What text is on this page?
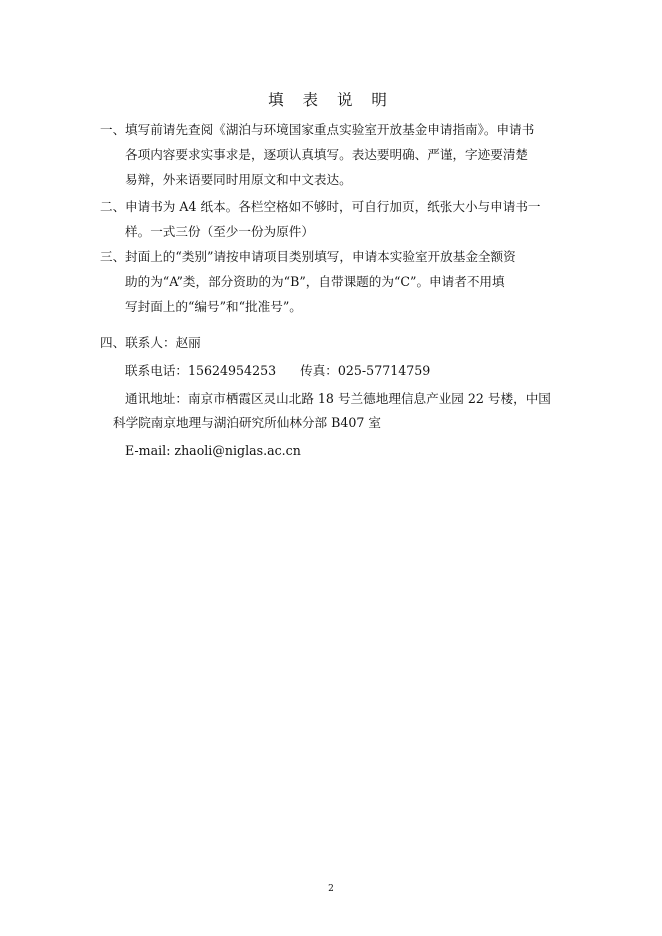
填 表 说 明
一、 填写前请先查阅《湖泊与环境国家重点实验室开放基金申请指南》。申请书
各项内容要求实事求是，逐项认真填写。表达要明确、严谨，字迹要清楚
易辩，外来语要同时用原文和中文表达。
二、 申请书为 A4 纸本。各栏空格如不够时，可自行加页，纸张大小与申请书一
样。一式三份（至少一份为原件）
三、 封面上的“类别”请按申请项目类别填写，申请本实验室开放基金全额资
助的为“A”类，部分资助的为“B”，自带课题的为“C”。申请者不用填
写封面上的“编号”和“批准号”。
四、联系人：赵丽
联系电话：15624954253 传真：025-57714759
通讯地址：南京市栖霞区灵山北路 18 号兰德地理信息产业园 22 号楼，中国
科学院南京地理与湖泊研究所仙林分部 B407 室
E-mail: zhaoli@niglas.ac.cn
2
